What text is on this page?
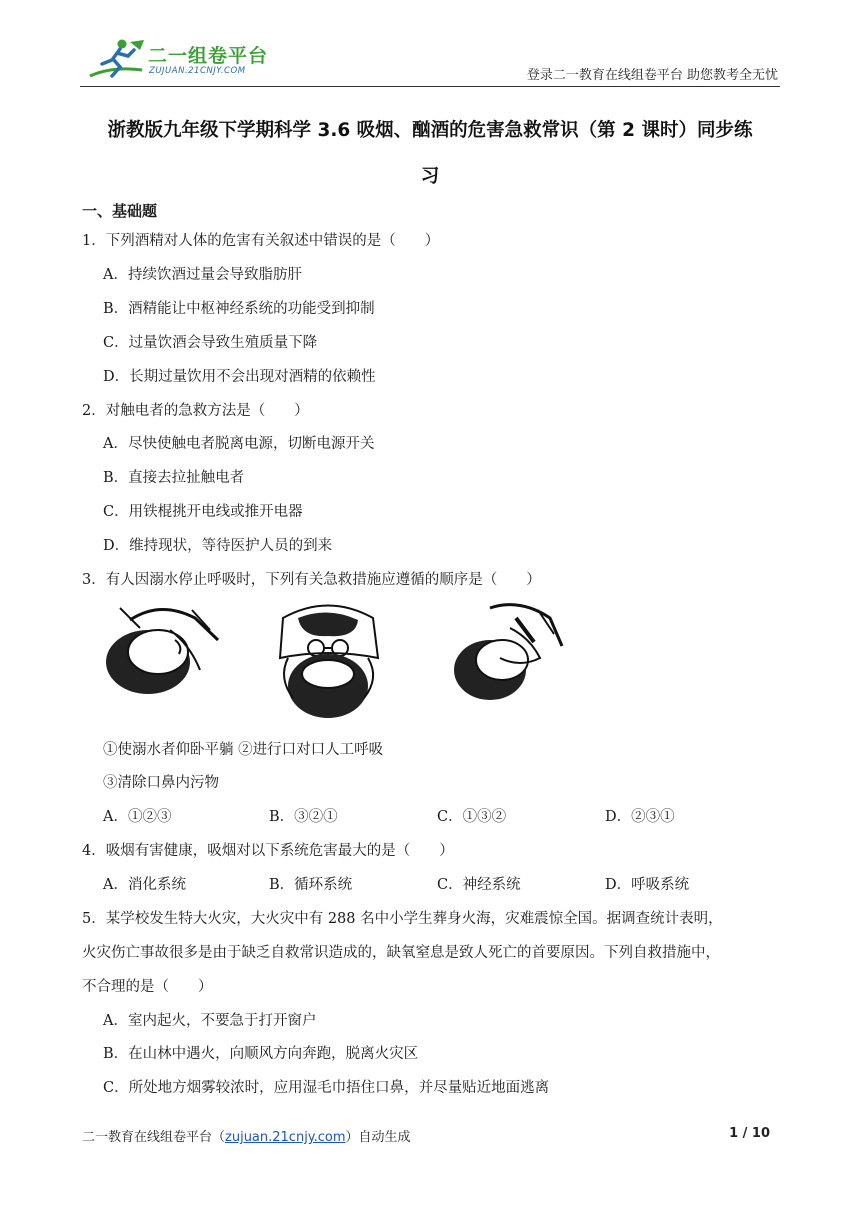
二一组卷平台
ZUJUAN.21CNJY.COM	登录二一教育在线组卷平台 助您教考全无忧
浙教版九年级下学期科学 3.6 吸烟、酗酒的危害急救常识（第 2 课时）同步练
习
一、基础题
1．下列酒精对人体的危害有关叙述中错误的是（　　）
A．持续饮酒过量会导致脂肪肝
B．酒精能让中枢神经系统的功能受到抑制
C．过量饮酒会导致生殖质量下降
D．长期过量饮用不会出现对酒精的依赖性
2．对触电者的急救方法是（　　）
A．尽快使触电者脱离电源，切断电源开关
B．直接去拉扯触电者
C．用铁棍挑开电线或推开电器
D．维持现状，等待医护人员的到来
3．有人因溺水停止呼吸时，下列有关急救措施应遵循的顺序是（　　）
①使溺水者仰卧平躺 ②进行口对口人工呼吸
③清除口鼻内污物
A．①②③	B．③②①	C．①③②	D．②③①
4．吸烟有害健康，吸烟对以下系统危害最大的是（　　）
A．消化系统	B．循环系统	C．神经系统	D．呼吸系统
5．某学校发生特大火灾，大火灾中有 288 名中小学生葬身火海，灾难震惊全国。据调查统计表明，
火灾伤亡事故很多是由于缺乏自救常识造成的，缺氧窒息是致人死亡的首要原因。下列自救措施中，
不合理的是（　　）
A．室内起火，不要急于打开窗户
B．在山林中遇火，向顺风方向奔跑，脱离火灾区
C．所处地方烟雾较浓时，应用湿毛巾捂住口鼻，并尽量贴近地面逃离
二一教育在线组卷平台（zujuan.21cnjy.com）自动生成	1 / 10
